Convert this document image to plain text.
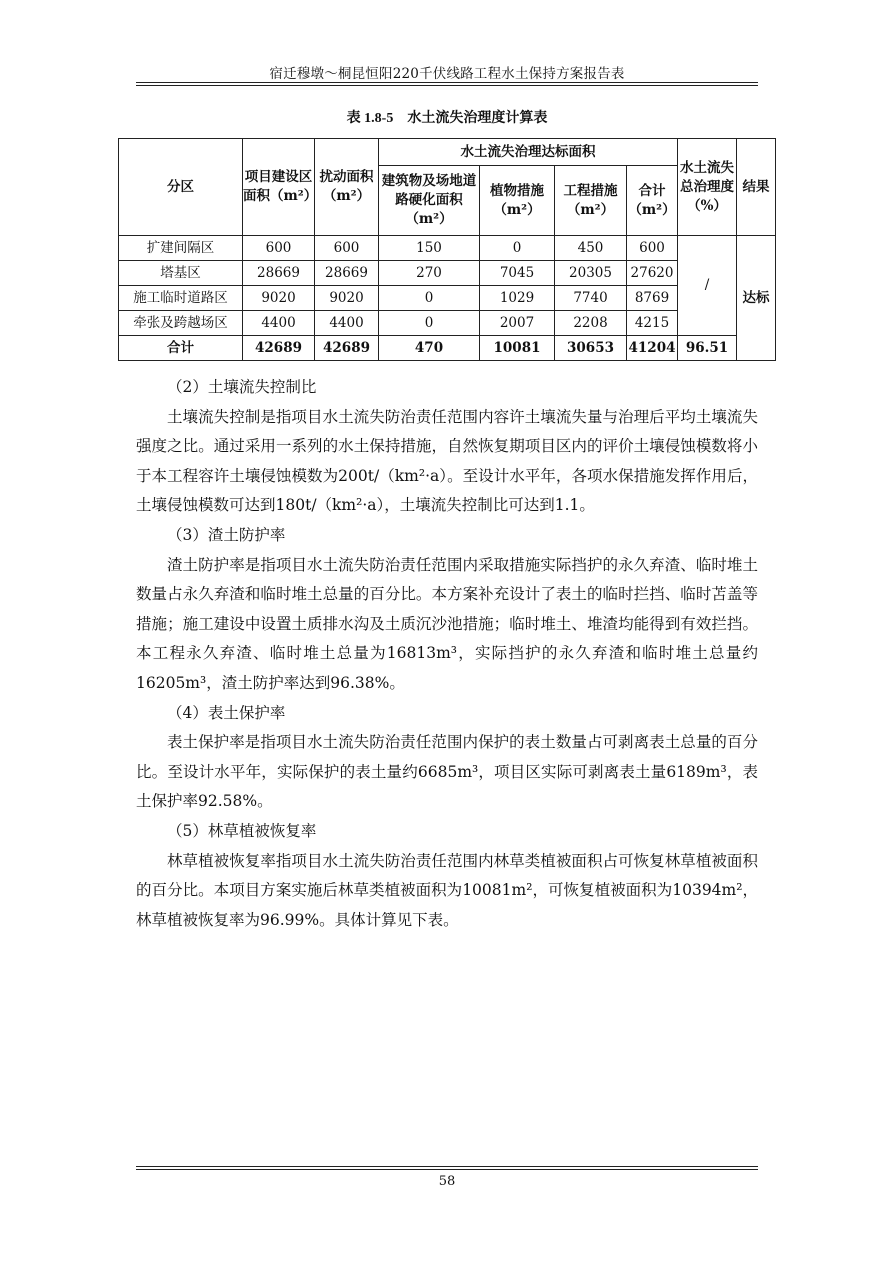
宿迁穆墩～桐昆恒阳220千伏线路工程水土保持方案报告表
表 1.8-5 水土流失治理度计算表
分区	项目建设区面积（m²）	扰动面积（m²）	水土流失治理达标面积				水土流失总治理度（%）	结果
			建筑物及场地道路硬化面积（m²）	植物措施（m²）	工程措施（m²）	合计（m²）		
扩建间隔区	600	600	150	0	450	600	/	达标
塔基区	28669	28669	270	7045	20305	27620		
施工临时道路区	9020	9020	0	1029	7740	8769		
牵张及跨越场区	4400	4400	0	2007	2208	4215		
合计	42689	42689	470	10081	30653	41204	96.51	

（2）土壤流失控制比

土壤流失控制是指项目水土流失防治责任范围内容许土壤流失量与治理后平均土壤流失强度之比。通过采用一系列的水土保持措施，自然恢复期项目区内的评价土壤侵蚀模数将小于本工程容许土壤侵蚀模数为200t/（km²·a）。至设计水平年，各项水保措施发挥作用后，土壤侵蚀模数可达到180t/（km²·a），土壤流失控制比可达到1.1。

（3）渣土防护率

渣土防护率是指项目水土流失防治责任范围内采取措施实际挡护的永久弃渣、临时堆土数量占永久弃渣和临时堆土总量的百分比。本方案补充设计了表土的临时拦挡、临时苫盖等措施；施工建设中设置土质排水沟及土质沉沙池措施；临时堆土、堆渣均能得到有效拦挡。本工程永久弃渣、临时堆土总量为16813m³，实际挡护的永久弃渣和临时堆土总量约16205m³，渣土防护率达到96.38%。

（4）表土保护率

表土保护率是指项目水土流失防治责任范围内保护的表土数量占可剥离表土总量的百分比。至设计水平年，实际保护的表土量约6685m³，项目区实际可剥离表土量6189m³，表土保护率92.58%。

（5）林草植被恢复率

林草植被恢复率指项目水土流失防治责任范围内林草类植被面积占可恢复林草植被面积的百分比。本项目方案实施后林草类植被面积为10081m²，可恢复植被面积为10394m²，林草植被恢复率为96.99%。具体计算见下表。

58
